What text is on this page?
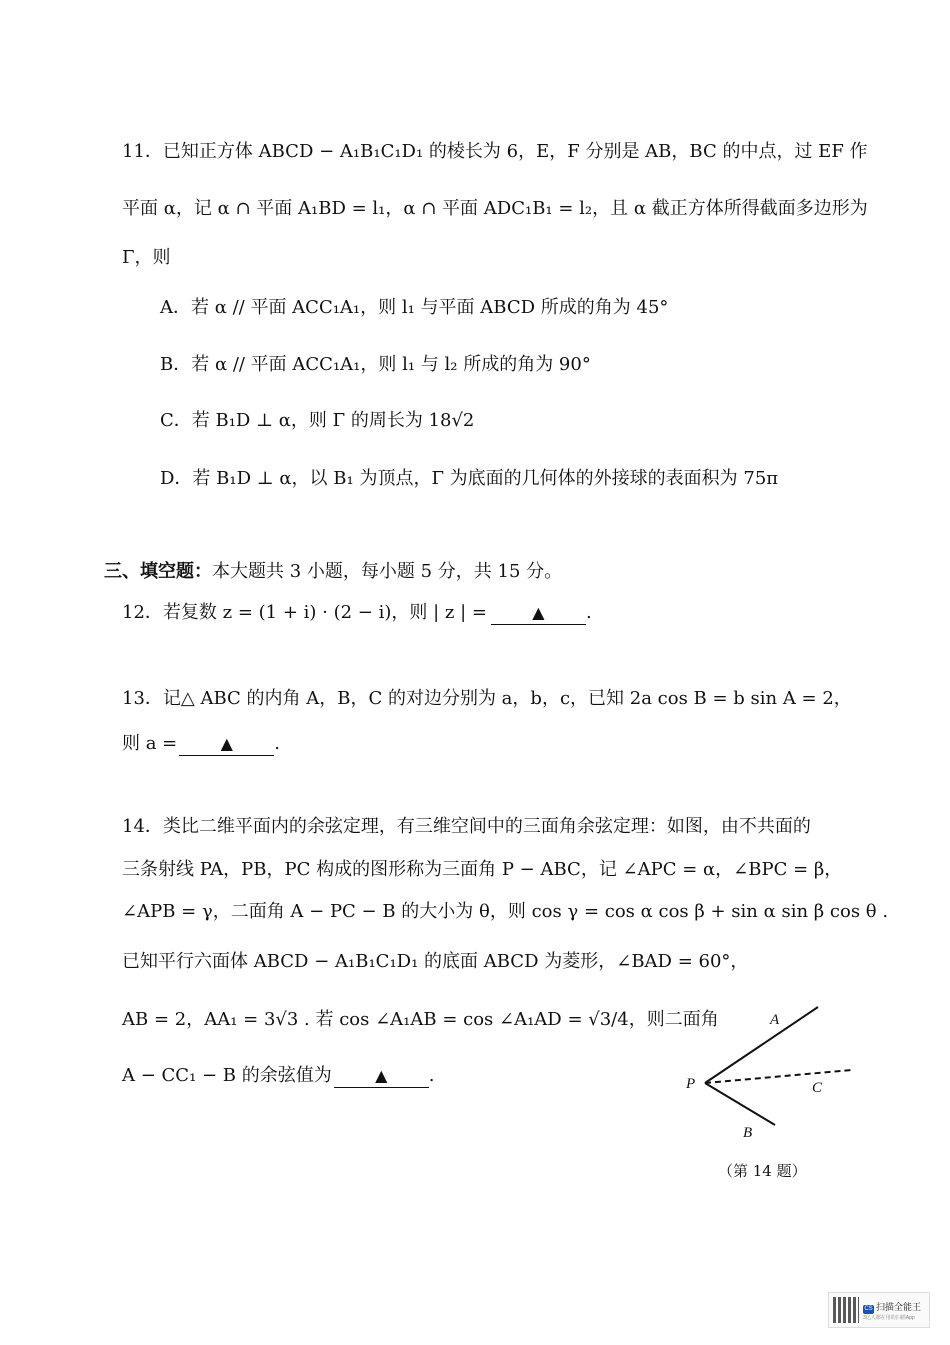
11．已知正方体 ABCD − A₁B₁C₁D₁ 的棱长为 6，E，F 分别是 AB，BC 的中点，过 EF 作
平面 α，记 α ∩ 平面 A₁BD = l₁，α ∩ 平面 ADC₁B₁ = l₂，且 α 截正方体所得截面多边形为
Γ，则
A．若 α // 平面 ACC₁A₁，则 l₁ 与平面 ABCD 所成的角为 45°
B．若 α // 平面 ACC₁A₁，则 l₁ 与 l₂ 所成的角为 90°
C．若 B₁D ⊥ α，则 Γ 的周长为 18√2
D．若 B₁D ⊥ α，以 B₁ 为顶点，Γ 为底面的几何体的外接球的表面积为 75π
三、填空题：本大题共 3 小题，每小题 5 分，共 15 分。
12．若复数 z = (1 + i) · (2 − i)，则 | z | =	▲ .
13．记△ ABC 的内角 A，B，C 的对边分别为 a，b，c，已知 2a cos B = b sin A = 2，
则 a =	▲ .
14．类比二维平面内的余弦定理，有三维空间中的三面角余弦定理：如图，由不共面的
三条射线 PA，PB，PC 构成的图形称为三面角 P − ABC，记 ∠APC = α，∠BPC = β，
∠APB = γ，二面角 A − PC − B 的大小为 θ，则 cos γ = cos α cos β + sin α sin β cos θ .
已知平行六面体 ABCD − A₁B₁C₁D₁ 的底面 ABCD 为菱形，∠BAD = 60°，
AB = 2，AA₁ = 3√3 . 若 cos ∠A₁AB = cos ∠A₁AD = √3/4，则二面角
A − CC₁ − B 的余弦值为	▲ .
A
B
C
P
（第 14 题）
CS 扫描全能王
3亿人都在用的扫描App
